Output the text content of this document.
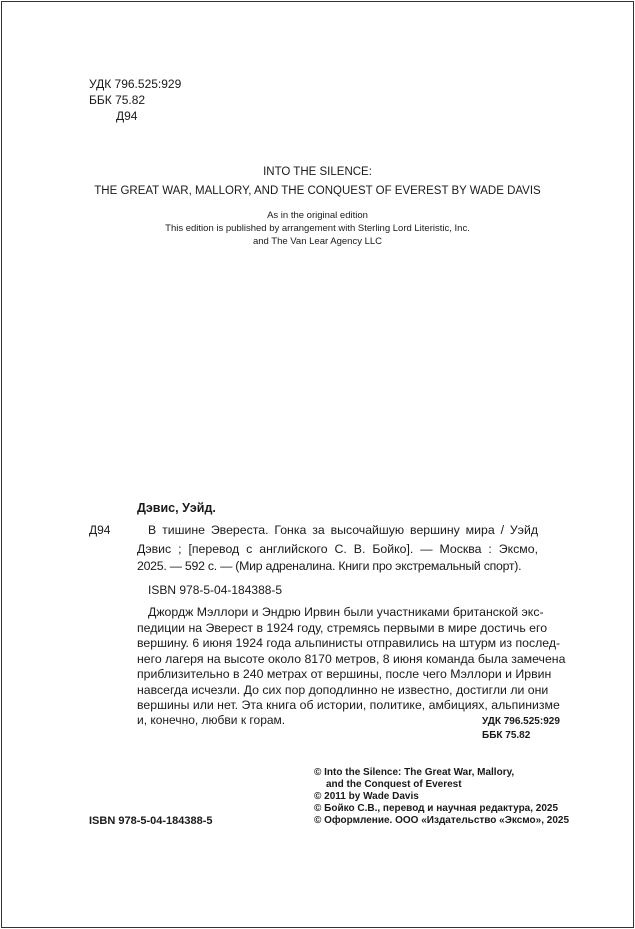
УДК 796.525:929
ББК 75.82
Д94
INTO THE SILENCE:
THE GREAT WAR, MALLORY, AND THE CONQUEST OF EVEREST BY WADE DAVIS
As in the original edition
This edition is published by arrangement with Sterling Lord Literistic, Inc.
and The Van Lear Agency LLC
Дэвис, Уэйд.
Д94	В тишине Эвереста. Гонка за высочайшую вершину мира / Уэйд
Дэвис ; [перевод с английского С. В. Бойко]. — Москва : Эксмо,
2025. — 592 с. — (Мир адреналина. Книги про экстремальный спорт).
ISBN 978-5-04-184388-5
Джордж Мэллори и Эндрю Ирвин были участниками британской экс-
педиции на Эверест в 1924 году, стремясь первыми в мире достичь его
вершину. 6 июня 1924 года альпинисты отправились на штурм из послед-
него лагеря на высоте около 8170 метров, 8 июня команда была замечена
приблизительно в 240 метрах от вершины, после чего Мэллори и Ирвин
навсегда исчезли. До сих пор доподлинно не известно, достигли ли они
вершины или нет. Эта книга об истории, политике, амбициях, альпинизме
и, конечно, любви к горам.	УДК 796.525:929
ББК 75.82
© Into the Silence: The Great War, Mallory,
and the Conquest of Everest
© 2011 by Wade Davis
© Бойко С.В., перевод и научная редактура, 2025
© Оформление. ООО «Издательство «Эксмо», 2025
ISBN 978-5-04-184388-5
